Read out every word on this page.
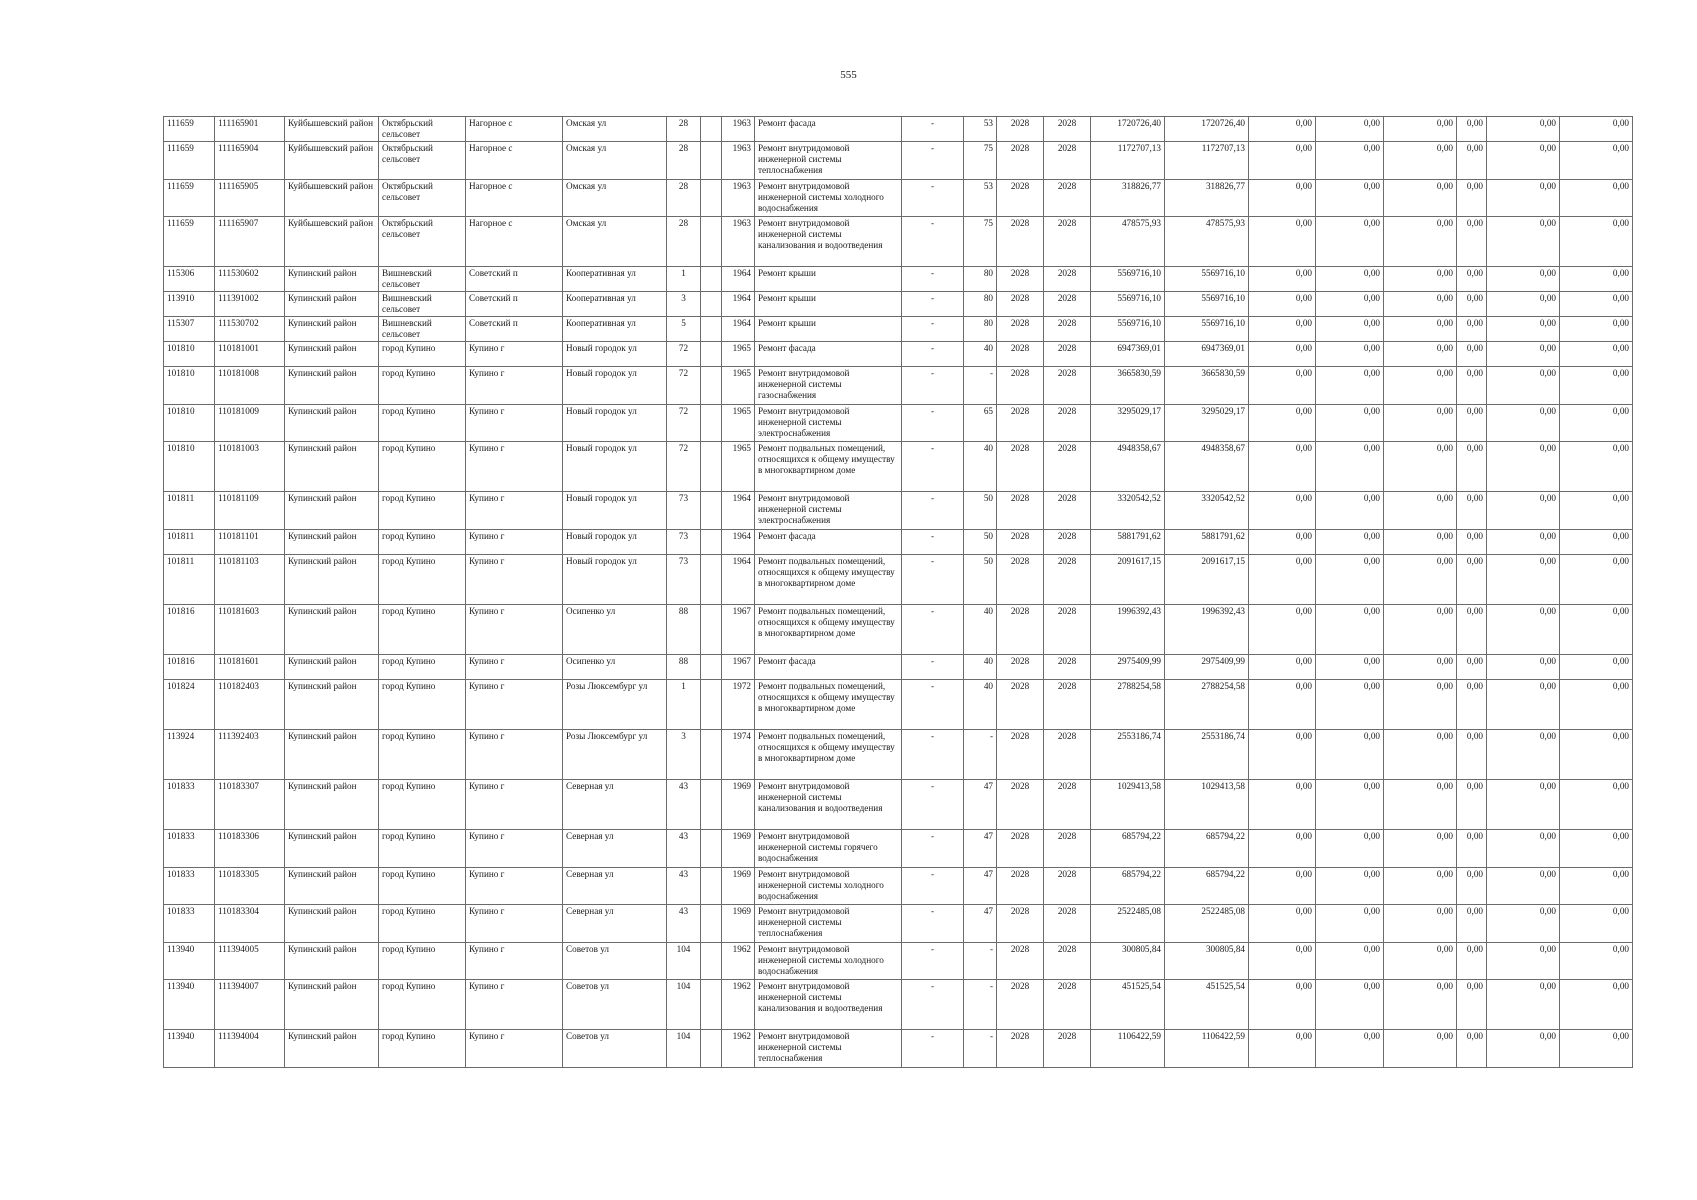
555
111659	111165901	Куйбышевский район	Октябрьский сельсовет	Нагорное с	Омская ул	28		1963	Ремонт фасада	-	53	2028	2028	1720726,40	1720726,40	0,00	0,00	0,00	0,00	0,00	0,00
111659	111165904	Куйбышевский район	Октябрьский сельсовет	Нагорное с	Омская ул	28		1963	Ремонт внутридомовой инженерной системы теплоснабжения	-	75	2028	2028	1172707,13	1172707,13	0,00	0,00	0,00	0,00	0,00	0,00
111659	111165905	Куйбышевский район	Октябрьский сельсовет	Нагорное с	Омская ул	28		1963	Ремонт внутридомовой инженерной системы холодного водоснабжения	-	53	2028	2028	318826,77	318826,77	0,00	0,00	0,00	0,00	0,00	0,00
111659	111165907	Куйбышевский район	Октябрьский сельсовет	Нагорное с	Омская ул	28		1963	Ремонт внутридомовой инженерной системы канализования и водоотведения	-	75	2028	2028	478575,93	478575,93	0,00	0,00	0,00	0,00	0,00	0,00
115306	111530602	Купинский район	Вишневский сельсовет	Советский п	Кооперативная ул	1		1964	Ремонт крыши	-	80	2028	2028	5569716,10	5569716,10	0,00	0,00	0,00	0,00	0,00	0,00
113910	111391002	Купинский район	Вишневский сельсовет	Советский п	Кооперативная ул	3		1964	Ремонт крыши	-	80	2028	2028	5569716,10	5569716,10	0,00	0,00	0,00	0,00	0,00	0,00
115307	111530702	Купинский район	Вишневский сельсовет	Советский п	Кооперативная ул	5		1964	Ремонт крыши	-	80	2028	2028	5569716,10	5569716,10	0,00	0,00	0,00	0,00	0,00	0,00
101810	110181001	Купинский район	город Купино	Купино г	Новый городок ул	72		1965	Ремонт фасада	-	40	2028	2028	6947369,01	6947369,01	0,00	0,00	0,00	0,00	0,00	0,00
101810	110181008	Купинский район	город Купино	Купино г	Новый городок ул	72		1965	Ремонт внутридомовой инженерной системы газоснабжения	-	-	2028	2028	3665830,59	3665830,59	0,00	0,00	0,00	0,00	0,00	0,00
101810	110181009	Купинский район	город Купино	Купино г	Новый городок ул	72		1965	Ремонт внутридомовой инженерной системы электроснабжения	-	65	2028	2028	3295029,17	3295029,17	0,00	0,00	0,00	0,00	0,00	0,00
101810	110181003	Купинский район	город Купино	Купино г	Новый городок ул	72		1965	Ремонт подвальных помещений, относящихся к общему имуществу в многоквартирном доме	-	40	2028	2028	4948358,67	4948358,67	0,00	0,00	0,00	0,00	0,00	0,00
101811	110181109	Купинский район	город Купино	Купино г	Новый городок ул	73		1964	Ремонт внутридомовой инженерной системы электроснабжения	-	50	2028	2028	3320542,52	3320542,52	0,00	0,00	0,00	0,00	0,00	0,00
101811	110181101	Купинский район	город Купино	Купино г	Новый городок ул	73		1964	Ремонт фасада	-	50	2028	2028	5881791,62	5881791,62	0,00	0,00	0,00	0,00	0,00	0,00
101811	110181103	Купинский район	город Купино	Купино г	Новый городок ул	73		1964	Ремонт подвальных помещений, относящихся к общему имуществу в многоквартирном доме	-	50	2028	2028	2091617,15	2091617,15	0,00	0,00	0,00	0,00	0,00	0,00
101816	110181603	Купинский район	город Купино	Купино г	Осипенко ул	88		1967	Ремонт подвальных помещений, относящихся к общему имуществу в многоквартирном доме	-	40	2028	2028	1996392,43	1996392,43	0,00	0,00	0,00	0,00	0,00	0,00
101816	110181601	Купинский район	город Купино	Купино г	Осипенко ул	88		1967	Ремонт фасада	-	40	2028	2028	2975409,99	2975409,99	0,00	0,00	0,00	0,00	0,00	0,00
101824	110182403	Купинский район	город Купино	Купино г	Розы Люксембург ул	1		1972	Ремонт подвальных помещений, относящихся к общему имуществу в многоквартирном доме	-	40	2028	2028	2788254,58	2788254,58	0,00	0,00	0,00	0,00	0,00	0,00
113924	111392403	Купинский район	город Купино	Купино г	Розы Люксембург ул	3		1974	Ремонт подвальных помещений, относящихся к общему имуществу в многоквартирном доме	-	-	2028	2028	2553186,74	2553186,74	0,00	0,00	0,00	0,00	0,00	0,00
101833	110183307	Купинский район	город Купино	Купино г	Северная ул	43		1969	Ремонт внутридомовой инженерной системы канализования и водоотведения	-	47	2028	2028	1029413,58	1029413,58	0,00	0,00	0,00	0,00	0,00	0,00
101833	110183306	Купинский район	город Купино	Купино г	Северная ул	43		1969	Ремонт внутридомовой инженерной системы горячего водоснабжения	-	47	2028	2028	685794,22	685794,22	0,00	0,00	0,00	0,00	0,00	0,00
101833	110183305	Купинский район	город Купино	Купино г	Северная ул	43		1969	Ремонт внутридомовой инженерной системы холодного водоснабжения	-	47	2028	2028	685794,22	685794,22	0,00	0,00	0,00	0,00	0,00	0,00
101833	110183304	Купинский район	город Купино	Купино г	Северная ул	43		1969	Ремонт внутридомовой инженерной системы теплоснабжения	-	47	2028	2028	2522485,08	2522485,08	0,00	0,00	0,00	0,00	0,00	0,00
113940	111394005	Купинский район	город Купино	Купино г	Советов ул	104		1962	Ремонт внутридомовой инженерной системы холодного водоснабжения	-	-	2028	2028	300805,84	300805,84	0,00	0,00	0,00	0,00	0,00	0,00
113940	111394007	Купинский район	город Купино	Купино г	Советов ул	104		1962	Ремонт внутридомовой инженерной системы канализования и водоотведения	-	-	2028	2028	451525,54	451525,54	0,00	0,00	0,00	0,00	0,00	0,00
113940	111394004	Купинский район	город Купино	Купино г	Советов ул	104		1962	Ремонт внутридомовой инженерной системы теплоснабжения	-	-	2028	2028	1106422,59	1106422,59	0,00	0,00	0,00	0,00	0,00	0,00
